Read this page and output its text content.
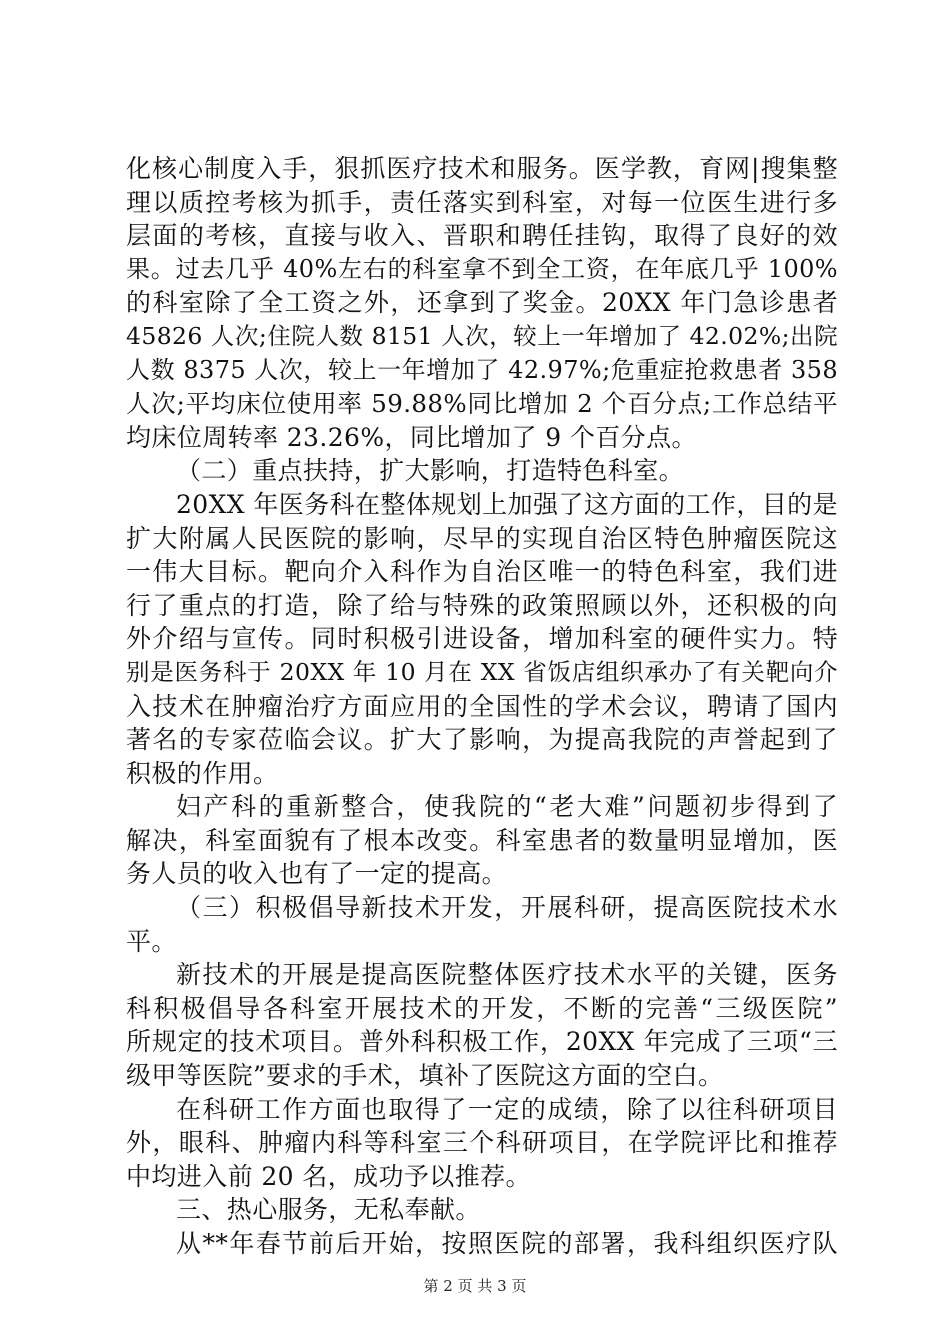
化核心制度入手，狠抓医疗技术和服务。医学教，育网|搜集整
理以质控考核为抓手，责任落实到科室，对每一位医生进行多
层面的考核，直接与收入、晋职和聘任挂钩，取得了良好的效
果。过去几乎 40%左右的科室拿不到全工资，在年底几乎 100%
的科室除了全工资之外，还拿到了奖金。20XX 年门急诊患者
45826 人次;住院人数 8151 人次，较上一年增加了 42.02%;出院
人数 8375 人次，较上一年增加了 42.97%;危重症抢救患者 358
人次;平均床位使用率 59.88%同比增加 2 个百分点;工作总结平
均床位周转率 23.26%，同比增加了 9 个百分点。
（二）重点扶持，扩大影响，打造特色科室。
20XX 年医务科在整体规划上加强了这方面的工作，目的是
扩大附属人民医院的影响，尽早的实现自治区特色肿瘤医院这
一伟大目标。靶向介入科作为自治区唯一的特色科室，我们进
行了重点的打造，除了给与特殊的政策照顾以外，还积极的向
外介绍与宣传。同时积极引进设备，增加科室的硬件实力。特
别是医务科于 20XX 年 10 月在 XX 省饭店组织承办了有关靶向介
入技术在肿瘤治疗方面应用的全国性的学术会议，聘请了国内
著名的专家莅临会议。扩大了影响，为提高我院的声誉起到了
积极的作用。
妇产科的重新整合，使我院的“老大难”问题初步得到了
解决，科室面貌有了根本改变。科室患者的数量明显增加，医
务人员的收入也有了一定的提高。
（三）积极倡导新技术开发，开展科研，提高医院技术水
平。
新技术的开展是提高医院整体医疗技术水平的关键，医务
科积极倡导各科室开展技术的开发，不断的完善“三级医院”
所规定的技术项目。普外科积极工作，20XX 年完成了三项“三
级甲等医院”要求的手术，填补了医院这方面的空白。
在科研工作方面也取得了一定的成绩，除了以往科研项目
外，眼科、肿瘤内科等科室三个科研项目，在学院评比和推荐
中均进入前 20 名，成功予以推荐。
三、热心服务，无私奉献。
从**年春节前后开始，按照医院的部署，我科组织医疗队
第 2 页 共 3 页
